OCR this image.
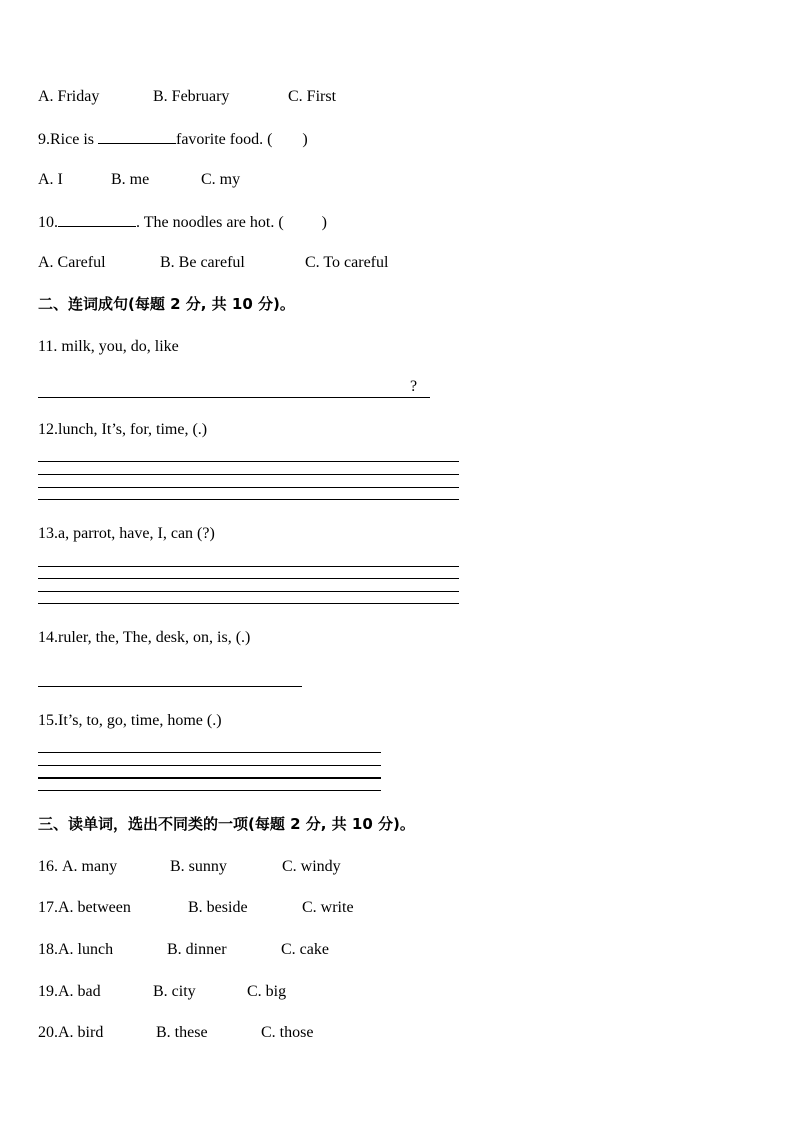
A. Friday	B. February	C. First
9.Rice is	favorite food. ( )
A. I	B. me	C. my
10.	. The noodles are hot. ( )
A. Careful	B. Be careful	C. To careful
二、连词成句(每题 2 分, 共 10 分)。
11. milk, you, do, like
?
12.lunch, It’s, for, time, (.)
13.a, parrot, have, I, can (?)
14.ruler, the, The, desk, on, is, (.)
15.It’s, to, go, time, home (.)
三、读单词，选出不同类的一项(每题 2 分, 共 10 分)。
16. A. many	B. sunny	C. windy
17.A. between	B. beside	C. write
18.A. lunch	B. dinner	C. cake
19.A. bad	B. city	C. big
20.A. bird	B. these	C. those
